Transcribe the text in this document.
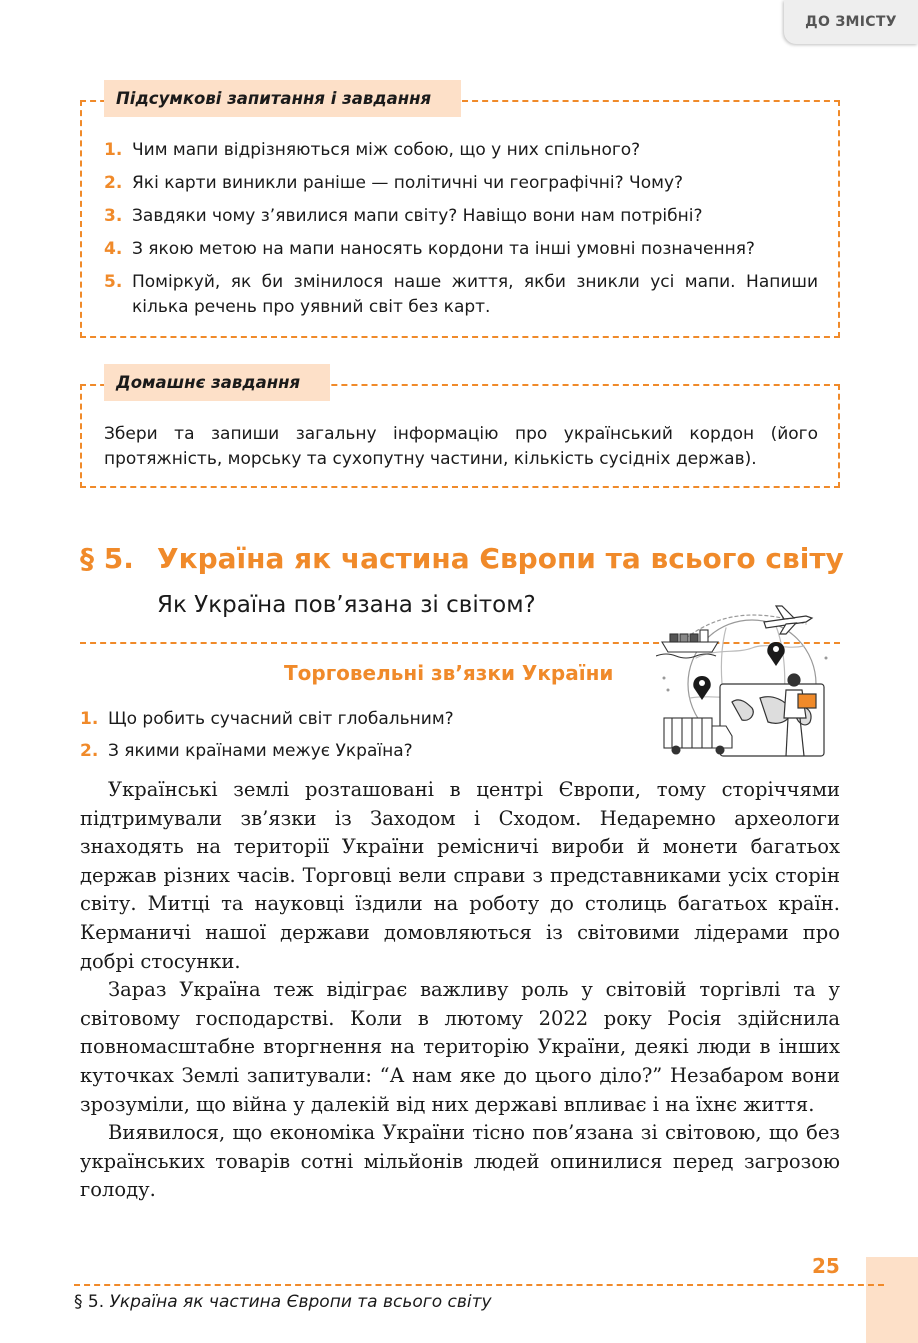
ДО ЗМІСТУ
Підсумкові запитання і завдання
1. Чим мапи відрізняються між собою, що у них спільного?
2. Які карти виникли раніше — політичні чи географічні? Чому?
3. Завдяки чому з’явилися мапи світу? Навіщо вони нам потрібні?
4. З якою метою на мапи наносять кордони та інші умовні позначення?
5. Поміркуй, як би змінилося наше життя, якби зникли усі мапи. Напиши кілька речень про уявний світ без карт.
Домашнє завдання
Збери та запиши загальну інформацію про український кордон (його протяжність, морську та сухопутну частини, кількість сусідніх держав).
§ 5. Україна як частина Європи та всього світу
Як Україна пов’язана зі світом?
Торговельні зв’язки України
1. Що робить сучасний світ глобальним?
2. З якими країнами межує Україна?

Українські землі розташовані в центрі Європи, тому сторіччями підтримували зв’язки із Заходом і Сходом. Недаремно археологи знаходять на території України ремісничі вироби й монети багатьох держав різних часів. Торговці вели справи з представниками усіх сторін світу. Митці та науковці їздили на роботу до столиць багатьох країн. Керманичі нашої держави домовляються із світовими лідерами про добрі стосунки.

Зараз Україна теж відіграє важливу роль у світовій торгівлі та у світовому господарстві. Коли в лютому 2022 року Росія здійснила повномасштабне вторгнення на територію України, деякі люди в інших куточках Землі запитували: “А нам яке до цього діло?” Незабаром вони зрозуміли, що війна у далекій від них державі впливає і на їхнє життя.

Виявилося, що економіка України тісно пов’язана зі світовою, що без українських товарів сотні мільйонів людей опинилися перед загрозою голоду.

25
§ 5. Україна як частина Європи та всього світу
